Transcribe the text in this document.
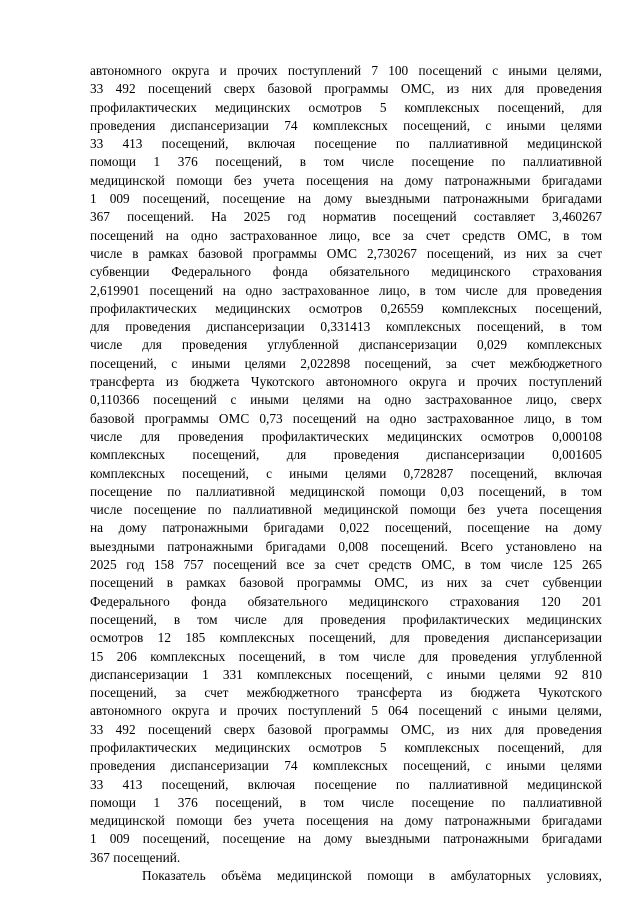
автономного округа и прочих поступлений 7 100 посещений с иными целями,
33 492 посещений сверх базовой программы ОМС, из них для проведения
профилактических медицинских осмотров 5 комплексных посещений, для
проведения диспансеризации 74 комплексных посещений, с иными целями
33 413 посещений, включая посещение по паллиативной медицинской
помощи 1 376 посещений, в том числе посещение по паллиативной
медицинской помощи без учета посещения на дому патронажными бригадами
1 009 посещений, посещение на дому выездными патронажными бригадами
367 посещений. На 2025 год норматив посещений составляет 3,460267
посещений на одно застрахованное лицо, все за счет средств ОМС, в том
числе в рамках базовой программы ОМС 2,730267 посещений, из них за счет
субвенции Федерального фонда обязательного медицинского страхования
2,619901 посещений на одно застрахованное лицо, в том числе для проведения
профилактических медицинских осмотров 0,26559 комплексных посещений,
для проведения диспансеризации 0,331413 комплексных посещений, в том
числе для проведения углубленной диспансеризации 0,029 комплексных
посещений, с иными целями 2,022898 посещений, за счет межбюджетного
трансферта из бюджета Чукотского автономного округа и прочих поступлений
0,110366 посещений с иными целями на одно застрахованное лицо, сверх
базовой программы ОМС 0,73 посещений на одно застрахованное лицо, в том
числе для проведения профилактических медицинских осмотров 0,000108
комплексных посещений, для проведения диспансеризации 0,001605
комплексных посещений, с иными целями 0,728287 посещений, включая
посещение по паллиативной медицинской помощи 0,03 посещений, в том
числе посещение по паллиативной медицинской помощи без учета посещения
на дому патронажными бригадами 0,022 посещений, посещение на дому
выездными патронажными бригадами 0,008 посещений. Всего установлено на
2025 год 158 757 посещений все за счет средств ОМС, в том числе 125 265
посещений в рамках базовой программы ОМС, из них за счет субвенции
Федерального фонда обязательного медицинского страхования 120 201
посещений, в том числе для проведения профилактических медицинских
осмотров 12 185 комплексных посещений, для проведения диспансеризации
15 206 комплексных посещений, в том числе для проведения углубленной
диспансеризации 1 331 комплексных посещений, с иными целями 92 810
посещений, за счет межбюджетного трансферта из бюджета Чукотского
автономного округа и прочих поступлений 5 064 посещений с иными целями,
33 492 посещений сверх базовой программы ОМС, из них для проведения
профилактических медицинских осмотров 5 комплексных посещений, для
проведения диспансеризации 74 комплексных посещений, с иными целями
33 413 посещений, включая посещение по паллиативной медицинской
помощи 1 376 посещений, в том числе посещение по паллиативной
медицинской помощи без учета посещения на дому патронажными бригадами
1 009 посещений, посещение на дому выездными патронажными бригадами
367 посещений.
Показатель объёма медицинской помощи в амбулаторных условиях,
